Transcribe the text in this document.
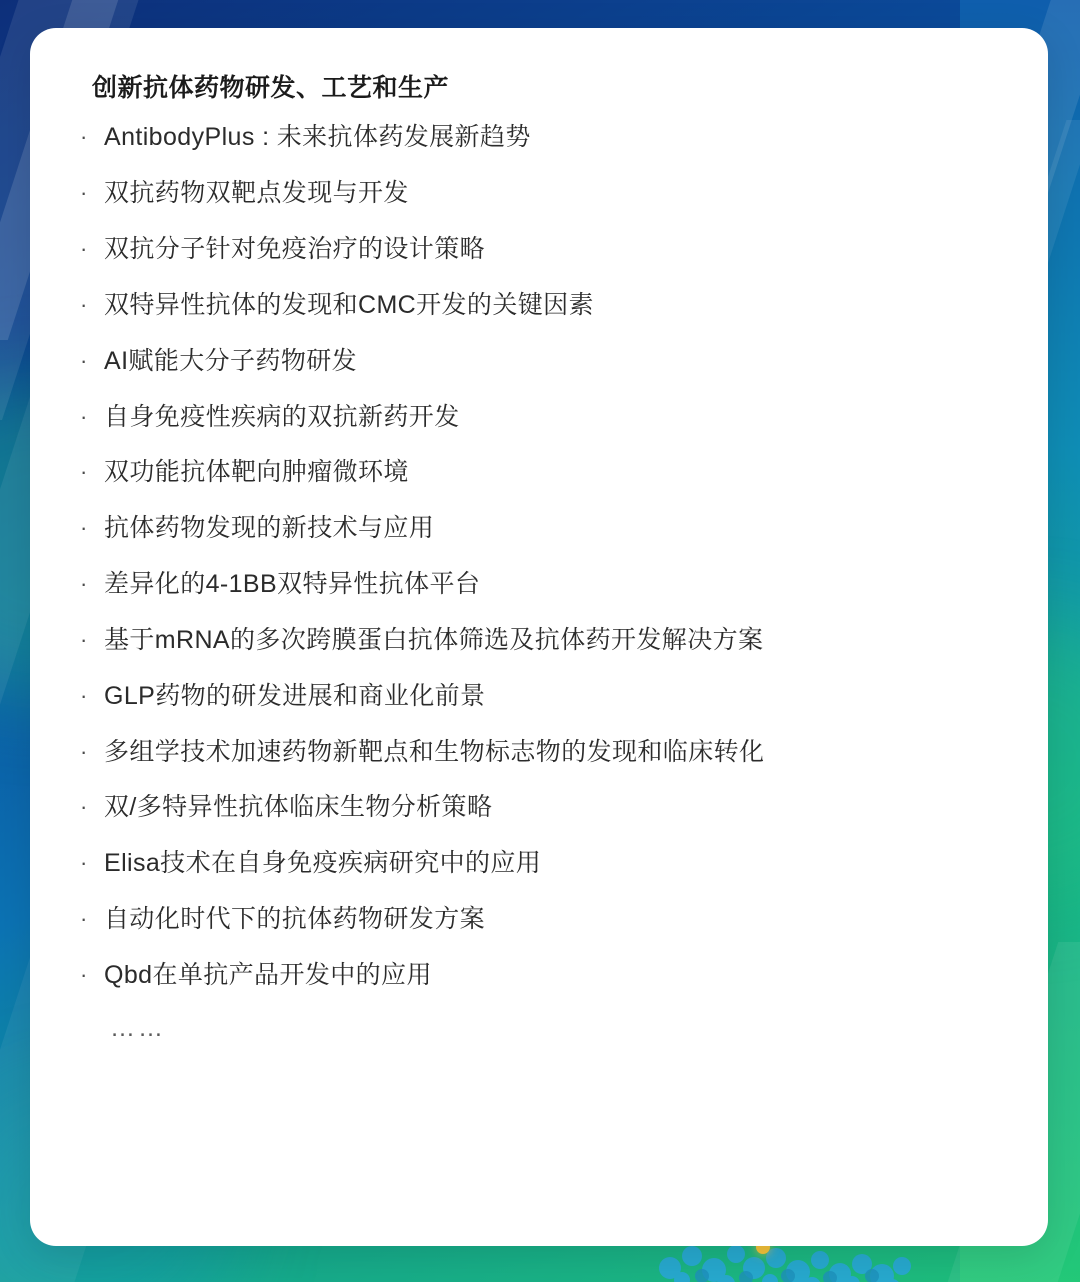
创新抗体药物研发、工艺和生产
· AntibodyPlus : 未来抗体药发展新趋势
· 双抗药物双靶点发现与开发
· 双抗分子针对免疫治疗的设计策略
· 双特异性抗体的发现和CMC开发的关键因素
· AI赋能大分子药物研发
· 自身免疫性疾病的双抗新药开发
· 双功能抗体靶向肿瘤微环境
· 抗体药物发现的新技术与应用
· 差异化的4-1BB双特异性抗体平台
· 基于mRNA的多次跨膜蛋白抗体筛选及抗体药开发解决方案
· GLP药物的研发进展和商业化前景
· 多组学技术加速药物新靶点和生物标志物的发现和临床转化
· 双/多特异性抗体临床生物分析策略
· Elisa技术在自身免疫疾病研究中的应用
· 自动化时代下的抗体药物研发方案
· Qbd在单抗产品开发中的应用
……
